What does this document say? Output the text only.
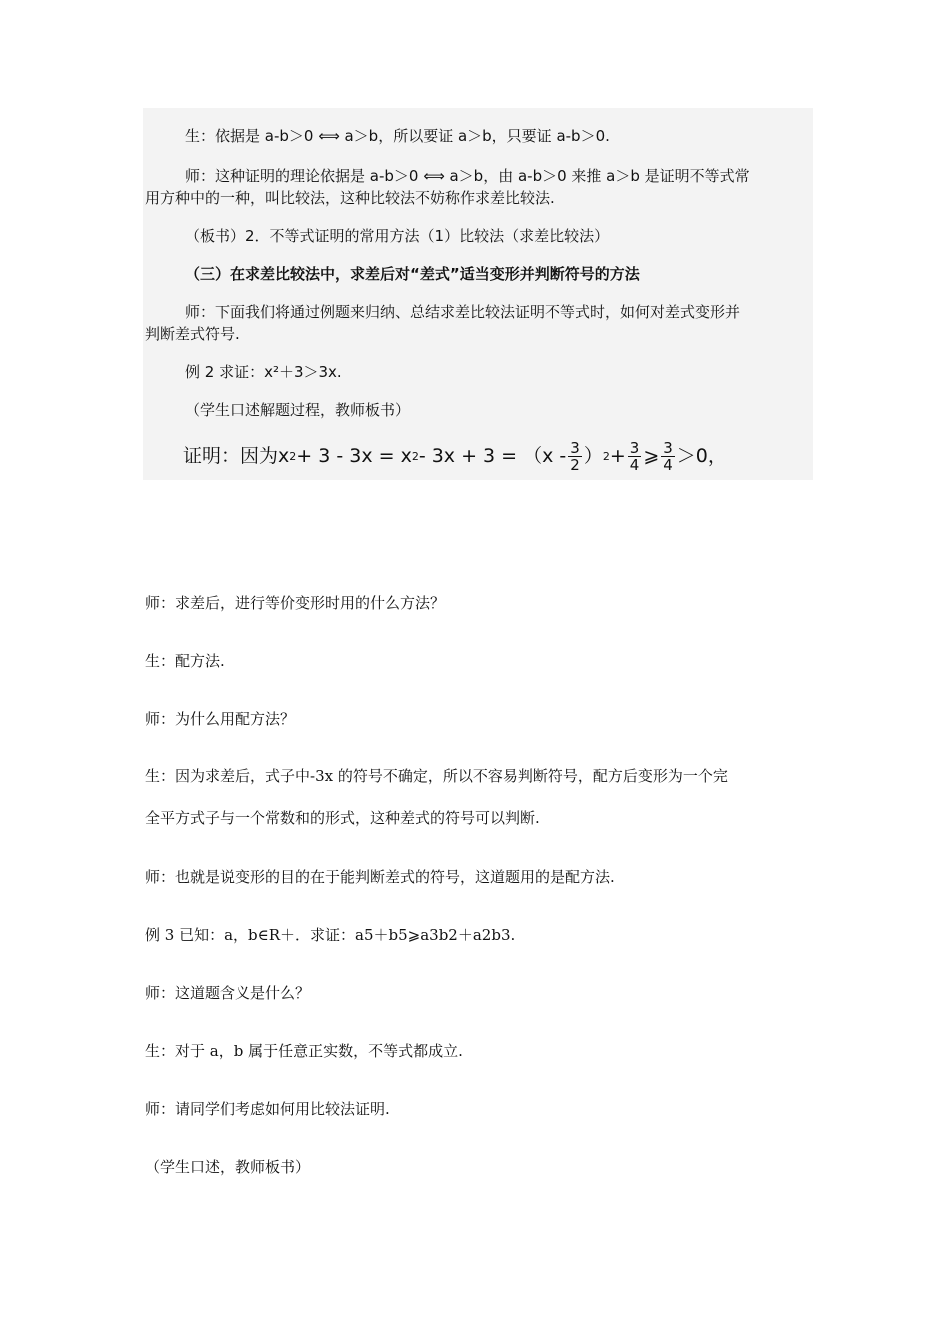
生：依据是 a-b＞0 ⟺ a＞b，所以要证 a＞b，只要证 a-b＞0.
师：这种证明的理论依据是 a-b＞0 ⟺ a＞b，由 a-b＞0 来推 a＞b 是证明不等式常
用方种中的一种，叫比较法，这种比较法不妨称作求差比较法.
（板书）2．不等式证明的常用方法（1）比较法（求差比较法）
（三）在求差比较法中，求差后对“差式”适当变形并判断符号的方法
师：下面我们将通过例题来归纳、总结求差比较法证明不等式时，如何对差式变形并
判断差式符号.
例 2 求证：x²＋3＞3x.
（学生口述解题过程，教师板书）
证明：因为x 2 + 3 - 3x = x $2 - 3x + 3 = (x - \frac{3}{2}$ ） $2 + \frac{3}{4}$ ⩾ $\frac{3}{4} >0$，
师：求差后，进行等价变形时用的什么方法？
生：配方法.
师：为什么用配方法？
生：因为求差后，式子中-3x 的符号不确定，所以不容易判断符号，配方后变形为一个完
全平方式子与一个常数和的形式，这种差式的符号可以判断.
师：也就是说变形的目的在于能判断差式的符号，这道题用的是配方法.
例 3 已知：a，b∈R＋．求证：a5＋b5⩾a3b2＋a2b3.
师：这道题含义是什么？
生：对于 a，b 属于任意正实数，不等式都成立.
师：请同学们考虑如何用比较法证明.
（学生口述，教师板书）
